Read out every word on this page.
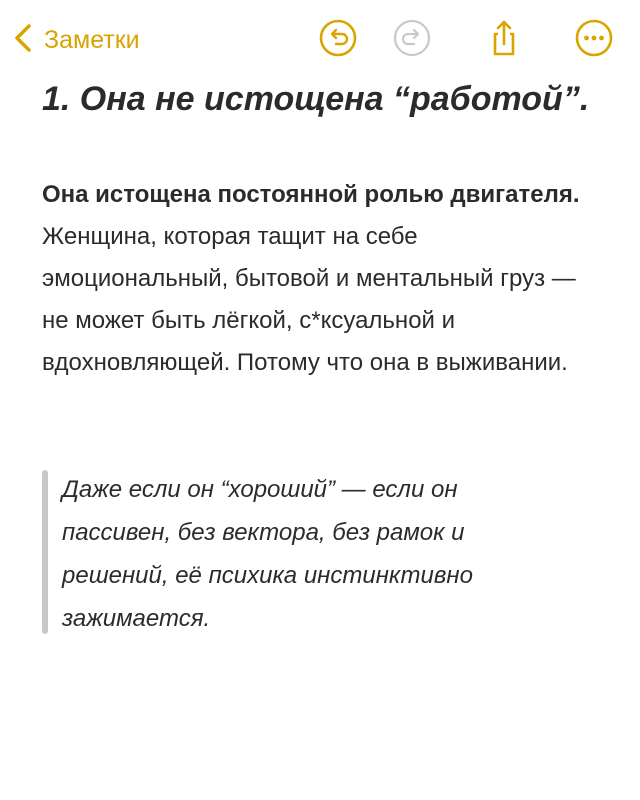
Заметки
1. Она не истощена “работой”.

Она истощена постоянной ролью двигателя. Женщина, которая тащит на себе эмоциональный, бытовой и ментальный груз — не может быть лёгкой, с*ксуальной и вдохновляющей. Потому что она в выживании.

Даже если он “хороший” — если он пассивен, без вектора, без рамок и решений, её психика инстинктивно зажимается.
